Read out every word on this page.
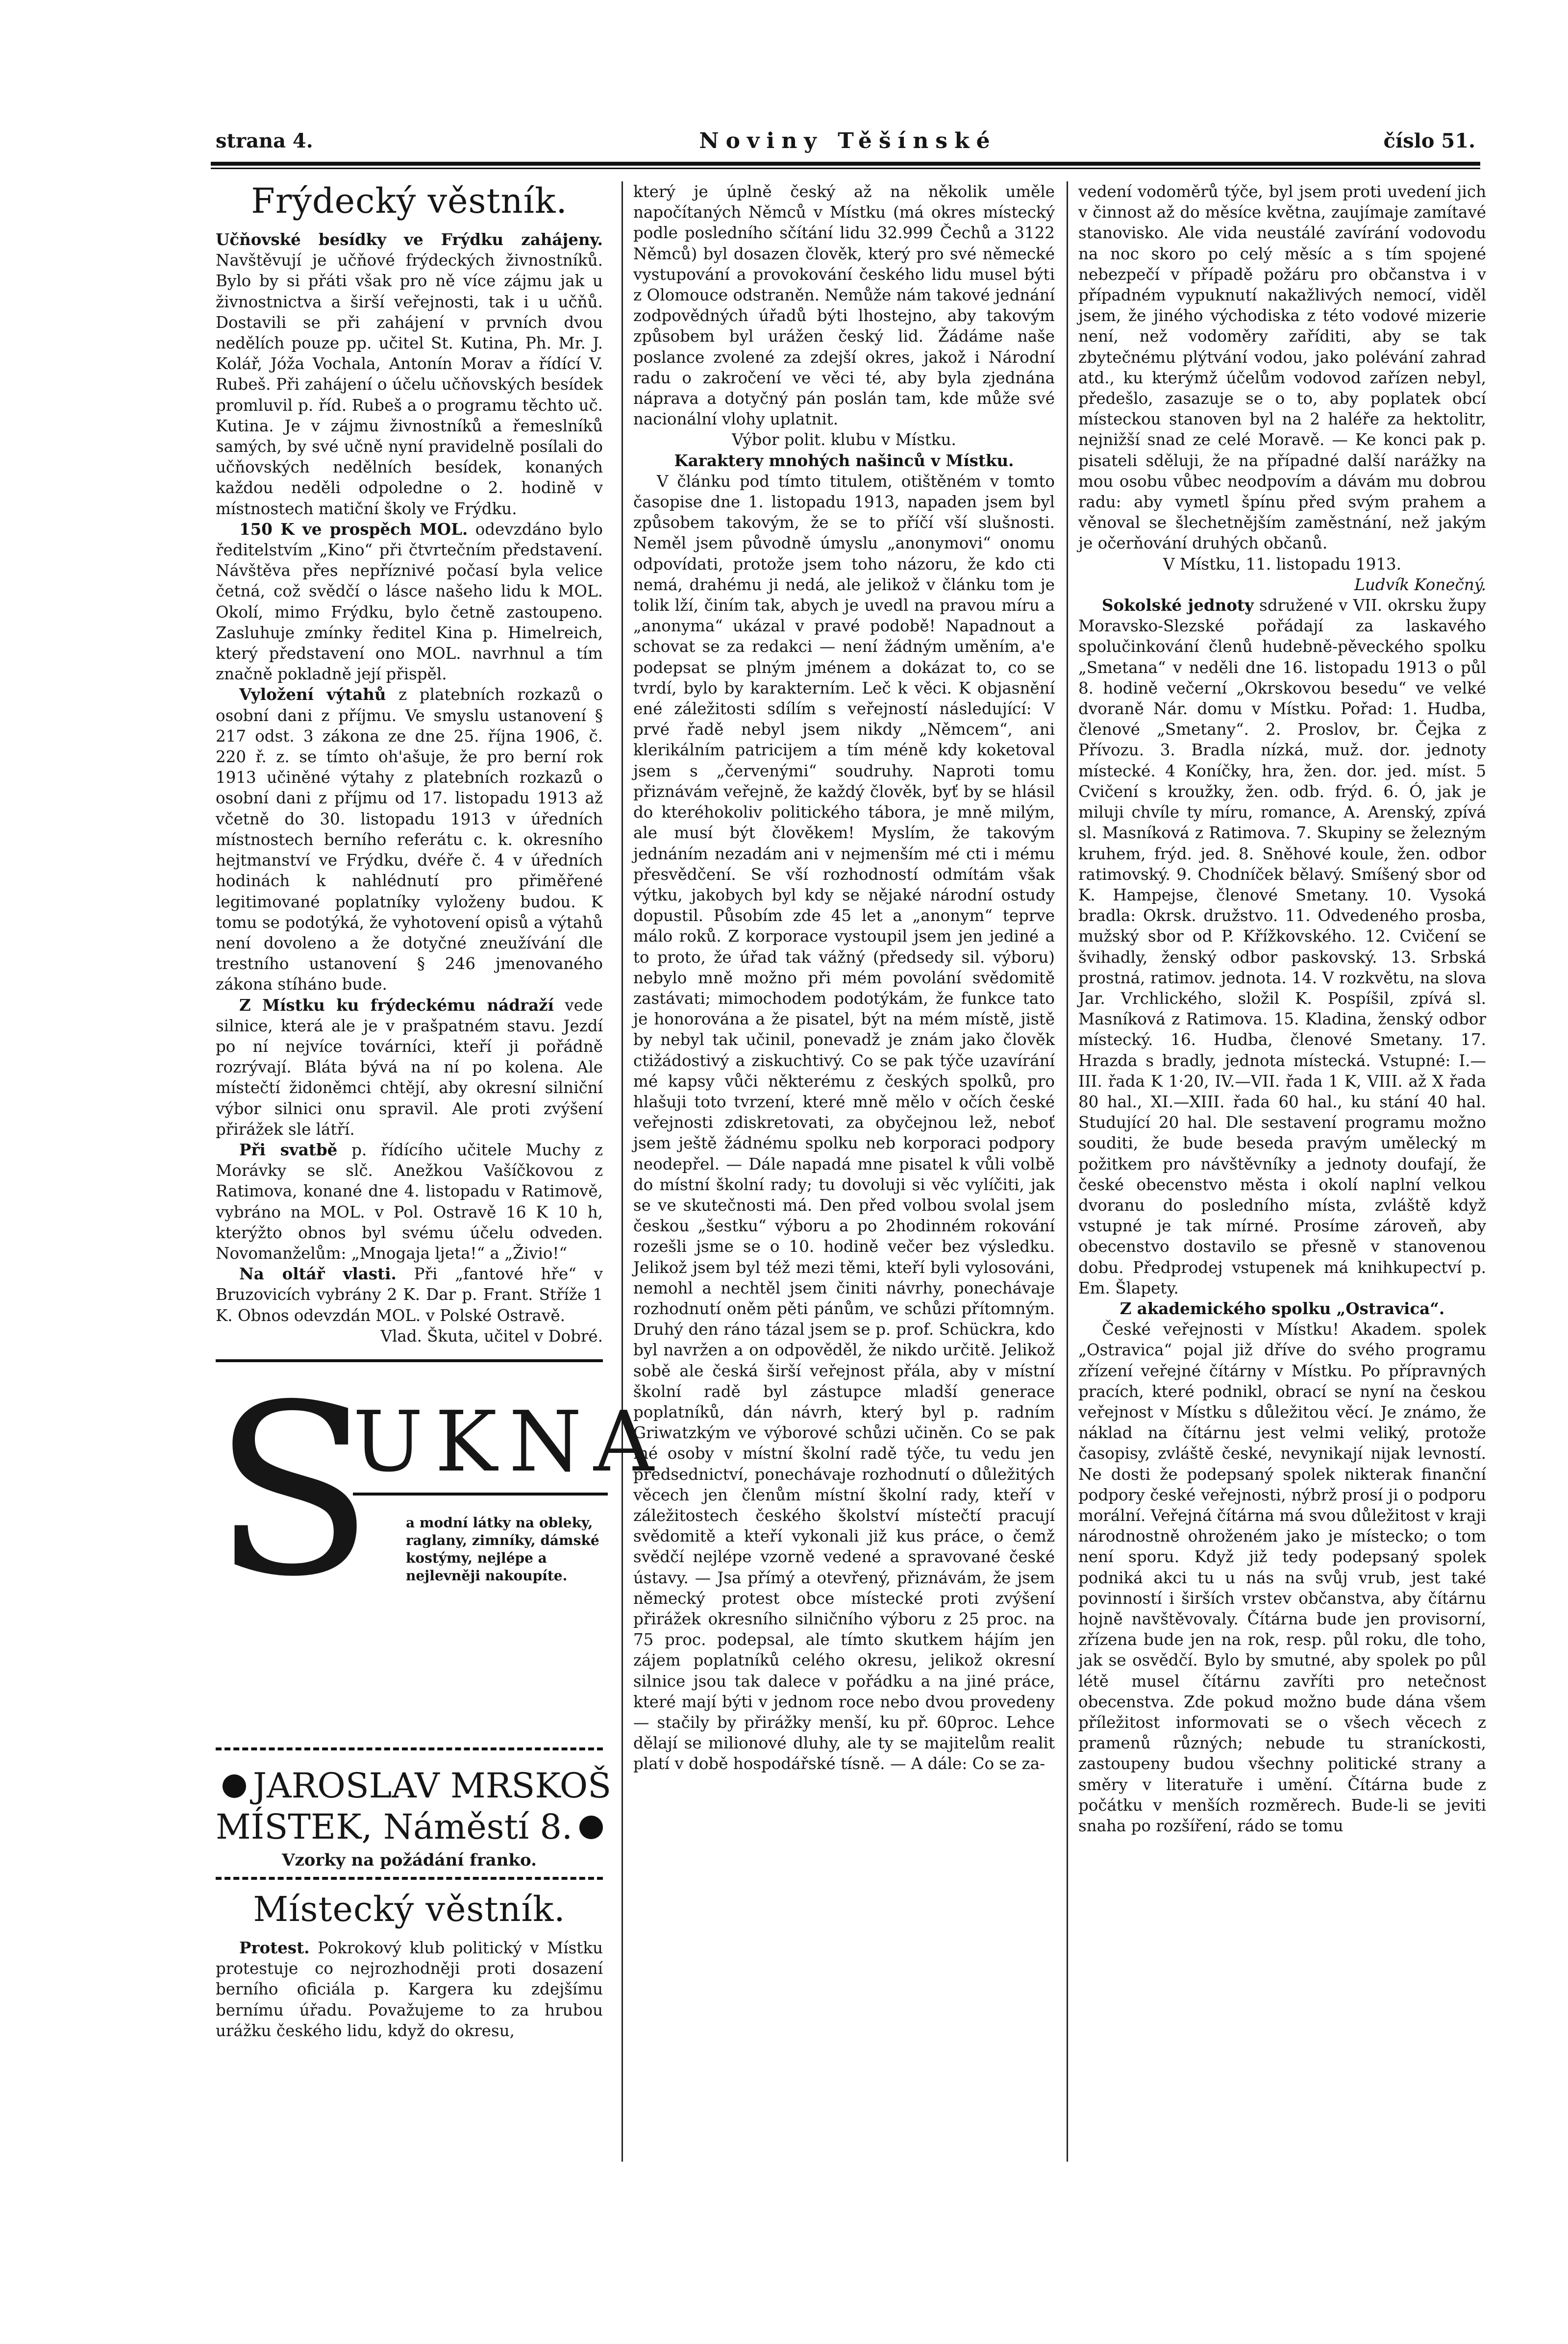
strana 4.	Noviny Těšínské	číslo 51.
Frýdecký věstník.

Učňovské besídky ve Frýdku zahájeny. Navštěvují je učňové frýdeckých živnostníků. Bylo by si přáti však pro ně více zájmu jak u živnostnictva a širší veřejnosti, tak i u učňů. Dostavili se při zahájení v prvních dvou nedělích pouze pp. učitel St. Kutina, Ph. Mr. J. Kolář, Jóža Vochala, Antonín Morav a řídící V. Rubeš. Při zahájení o účelu učňovských besídek promluvil p. říd. Rubeš a o programu těchto uč. Kutina. Je v zájmu živnostníků a řemeslníků samých, by své učně nyní pravidelně posílali do učňovských nedělních besídek, konaných každou neděli odpoledne o 2. hodině v místnostech matiční školy ve Frýdku.

150 K ve prospěch MOL. odevzdáno bylo ředitelstvím „Kino“ při čtvrtečním představení. Návštěva přes nepříznivé počasí byla velice četná, což svědčí o lásce našeho lidu k MOL. Okolí, mimo Frýdku, bylo četně zastoupeno. Zasluhuje zmínky ředitel Kina p. Himelreich, který představení ono MOL. navrhnul a tím značně pokladně její přispěl.

Vyložení výtahů z platebních rozkazů o osobní dani z příjmu. Ve smyslu ustanovení § 217 odst. 3 zákona ze dne 25. října 1906, č. 220 ř. z. se tímto oh'ašuje, že pro berní rok 1913 učiněné výtahy z platebních rozkazů o osobní dani z příjmu od 17. listopadu 1913 až včetně do 30. listopadu 1913 v úředních místnostech berního referátu c. k. okresního hejtmanství ve Frýdku, dvéře č. 4 v úředních hodinách k nahlédnutí pro přiměřené legitimované poplatníky vyloženy budou. K tomu se podotýká, že vyhotovení opisů a výtahů není dovoleno a že dotyčné zneužívání dle trestního ustanovení § 246 jmenovaného zákona stíháno bude.

Z Místku ku frýdeckému nádraží vede silnice, která ale je v prašpatném stavu. Jezdí po ní nejvíce továrníci, kteří ji pořádně rozrývají. Bláta bývá na ní po kolena. Ale místečtí židoněmci chtějí, aby okresní silniční výbor silnici onu spravil. Ale proti zvýšení přirážek sle látří.

Při svatbě p. řídícího učitele Muchy z Morávky se slč. Anežkou Vašíčkovou z Ratimova, konané dne 4. listopadu v Ratimově, vybráno na MOL. v Pol. Ostravě 16 K 10 h, kterýžto obnos byl svému účelu odveden. Novomanželům: „Mnogaja ljeta!“ a „Živio!“

Na oltář vlasti. Při „fantové hře“ v Bruzovicích vybrány 2 K. Dar p. Frant. Stříže 1 K. Obnos odevzdán MOL. v Polské Ostravě.

Vlad. Škuta, učitel v Dobré.

S
UKNA
a modní látky na obleky, raglany, zimníky, dámské kostýmy, nejlépe a nejlevněji nakoupíte.
JAROSLAV MRSKOŠ
MÍSTEK, Náměstí 8.
Vzorky na požádání franko.
Místecký věstník.

Protest. Pokrokový klub politický v Místku protestuje co nejrozhodněji proti dosazení berního oficiála p. Kargera ku zdejšímu bernímu úřadu. Považujeme to za hrubou urážku českého lidu, když do okresu,

který je úplně český až na několik uměle napočítaných Němců v Místku (má okres místecký podle posledního sčítání lidu 32.999 Čechů a 3122 Němců) byl dosazen člověk, který pro své německé vystupování a provokování českého lidu musel býti z Olomouce odstraněn. Nemůže nám takové jednání zodpovědných úřadů býti lhostejno, aby takovým způsobem byl urážen český lid. Žádáme naše poslance zvolené za zdejší okres, jakož i Národní radu o zakročení ve věci té, aby byla zjednána náprava a dotyčný pán poslán tam, kde může své nacionální vlohy uplatnit.

Výbor polit. klubu v Místku.

Karaktery mnohých našinců v Místku.

V článku pod tímto titulem, otištěném v tomto časopise dne 1. listopadu 1913, napaden jsem byl způsobem takovým, že se to příčí vší slušnosti. Neměl jsem původně úmyslu „anonymovi“ onomu odpovídati, protože jsem toho názoru, že kdo cti nemá, drahému ji nedá, ale jelikož v článku tom je tolik lží, činím tak, abych je uvedl na pravou míru a „anonyma“ ukázal v pravé podobě! Napadnout a schovat se za redakci — není žádným uměním, a'e podepsat se plným jménem a dokázat to, co se tvrdí, bylo by karakterním. Leč k věci. K objasnění ené záležitosti sdílím s veřejností následující: V prvé řadě nebyl jsem nikdy „Němcem“, ani klerikálním patricijem a tím méně kdy koketoval jsem s „červenými“ soudruhy. Naproti tomu přiznávám veřejně, že každý člověk, byť by se hlásil do kteréhokoliv politického tábora, je mně milým, ale musí být člověkem! Myslím, že takovým jednáním nezadám ani v nejmenším mé cti i mému přesvědčení. Se vší rozhodností odmítám však výtku, jakobych byl kdy se nějaké národní ostudy dopustil. Působím zde 45 let a „anonym“ teprve málo roků. Z korporace vystoupil jsem jen jediné a to proto, že úřad tak vážný (předsedy sil. výboru) nebylo mně možno při mém povolání svědomitě zastávati; mimochodem podotýkám, že funkce tato je honorována a že pisatel, být na mém místě, jistě by nebyl tak učinil, ponevadž je znám jako člověk ctižádostivý a ziskuchtivý. Co se pak týče uzavírání mé kapsy vůči některému z českých spolků, pro hlašuji toto tvrzení, které mně mělo v očích české veřejnosti zdiskretovati, za obyčejnou lež, neboť jsem ještě žádnému spolku neb korporaci podpory neodepřel. — Dále napadá mne pisatel k vůli volbě do místní školní rady; tu dovoluji si věc vylíčiti, jak se ve skutečnosti má. Den před volbou svolal jsem českou „šestku“ výboru a po 2hodinném rokování rozešli jsme se o 10. hodině večer bez výsledku. Jelikož jsem byl též mezi těmi, kteří byli vylosováni, nemohl a nechtěl jsem činiti návrhy, ponechávaje rozhodnutí oněm pěti pánům, ve schůzi přítomným. Druhý den ráno tázal jsem se p. prof. Schückra, kdo byl navržen a on odpověděl, že nikdo určitě. Jelikož sobě ale česká širší veřejnost přála, aby v místní školní radě byl zástupce mladší generace poplatníků, dán návrh, který byl p. radním Griwatzkým ve výborové schůzi učiněn. Co se pak mé osoby v místní školní radě týče, tu vedu jen předsednictví, ponechávaje rozhodnutí o důležitých věcech jen členům místní školní rady, kteří v záležitostech českého školství místečtí pracují svědomitě a kteří vykonali již kus práce, o čemž svědčí nejlépe vzorně vedené a spravované české ústavy. — Jsa přímý a otevřený, přiznávám, že jsem německý protest obce místecké proti zvýšení přirážek okresního silničního výboru z 25 proc. na 75 proc. podepsal, ale tímto skutkem hájím jen zájem poplatníků celého okresu, jelikož okresní silnice jsou tak dalece v pořádku a na jiné práce, které mají býti v jednom roce nebo dvou provedeny — stačily by přirážky menší, ku př. 60proc. Lehce dělají se milionové dluhy, ale ty se majitelům realit platí v době hospodářské tísně. — A dále: Co se za-

vedení vodoměrů týče, byl jsem proti uvedení jich v činnost až do měsíce května, zaujímaje zamítavé stanovisko. Ale vida neustálé zavírání vodovodu na noc skoro po celý měsíc a s tím spojené nebezpečí v případě požáru pro občanstva i v případném vypuknutí nakažlivých nemocí, viděl jsem, že jiného východiska z této vodové mizerie není, než vodoměry zaříditi, aby se tak zbytečnému plýtvání vodou, jako polévání zahrad atd., ku kterýmž účelům vodovod zařízen nebyl, předešlo, zasazuje se o to, aby poplatek obcí místeckou stanoven byl na 2 haléře za hektolitr, nejnižší snad ze celé Moravě. — Ke konci pak p. pisateli sděluji, že na případné další narážky na mou osobu vůbec neodpovím a dávám mu dobrou radu: aby vymetl špínu před svým prahem a věnoval se šlechetnějším zaměstnání, než jakým je očerňování druhých občanů.

V Místku, 11. listopadu 1913.

Ludvík Konečný.

Sokolské jednoty sdružené v VII. okrsku župy Moravsko-Slezské pořádají za laskavého spolučinkování členů hudebně-pěveckého spolku „Smetana“ v neděli dne 16. listopadu 1913 o půl 8. hodině večerní „Okrskovou besedu“ ve velké dvoraně Nár. domu v Místku. Pořad: 1. Hudba, členové „Smetany“. 2. Proslov, br. Čejka z Přívozu. 3. Bradla nízká, muž. dor. jednoty místecké. 4 Koníčky, hra, žen. dor. jed. míst. 5 Cvičení s kroužky, žen. odb. frýd. 6. Ó, jak je miluji chvíle ty míru, romance, A. Arenský, zpívá sl. Masníková z Ratimova. 7. Skupiny se železným kruhem, frýd. jed. 8. Sněhové koule, žen. odbor ratimovský. 9. Chodníček bělavý. Smíšený sbor od K. Hampejse, členové Smetany. 10. Vysoká bradla: Okrsk. družstvo. 11. Odvedeného prosba, mužský sbor od P. Křížkovského. 12. Cvičení se švihadly, ženský odbor paskovský. 13. Srbská prostná, ratimov. jednota. 14. V rozkvětu, na slova Jar. Vrchlického, složil K. Pospíšil, zpívá sl. Masníková z Ratimova. 15. Kladina, ženský odbor místecký. 16. Hudba, členové Smetany. 17. Hrazda s bradly, jednota místecká. Vstupné: I.—III. řada K 1·20, IV.—VII. řada 1 K, VIII. až X řada 80 hal., XI.—XIII. řada 60 hal., ku stání 40 hal. Studující 20 hal. Dle sestavení programu možno souditi, že bude beseda pravým umělecký m požitkem pro návštěvníky a jednoty doufají, že české obecenstvo města i okolí naplní velkou dvoranu do posledního místa, zvláště když vstupné je tak mírné. Prosíme zároveň, aby obecenstvo dostavilo se přesně v stanovenou dobu. Předprodej vstupenek má knihkupectví p. Em. Šlapety.

Z akademického spolku „Ostravica“.

České veřejnosti v Místku! Akadem. spolek „Ostravica“ pojal již dříve do svého programu zřízení veřejné čítárny v Místku. Po přípravných pracích, které podnikl, obrací se nyní na českou veřejnost v Místku s důležitou věcí. Je známo, že náklad na čítárnu jest velmi veliký, protože časopisy, zvláště české, nevynikají nijak levností. Ne dosti že podepsaný spolek nikterak finanční podpory české veřejnosti, nýbrž prosí ji o podporu morální. Veřejná čítárna má svou důležitost v kraji národnostně ohroženém jako je místecko; o tom není sporu. Když již tedy podepsaný spolek podniká akci tu u nás na svůj vrub, jest také povinností i širších vrstev občanstva, aby čítárnu hojně navštěvovaly. Čítárna bude jen provisorní, zřízena bude jen na rok, resp. půl roku, dle toho, jak se osvědčí. Bylo by smutné, aby spolek po půl létě musel čítárnu zavříti pro netečnost obecenstva. Zde pokud možno bude dána všem příležitost informovati se o všech věcech z pramenů různých; nebude tu straníckosti, zastoupeny budou všechny politické strany a směry v literatuře i umění. Čítárna bude z počátku v menších rozměrech. Bude-li se jeviti snaha po rozšíření, rádo se tomu
